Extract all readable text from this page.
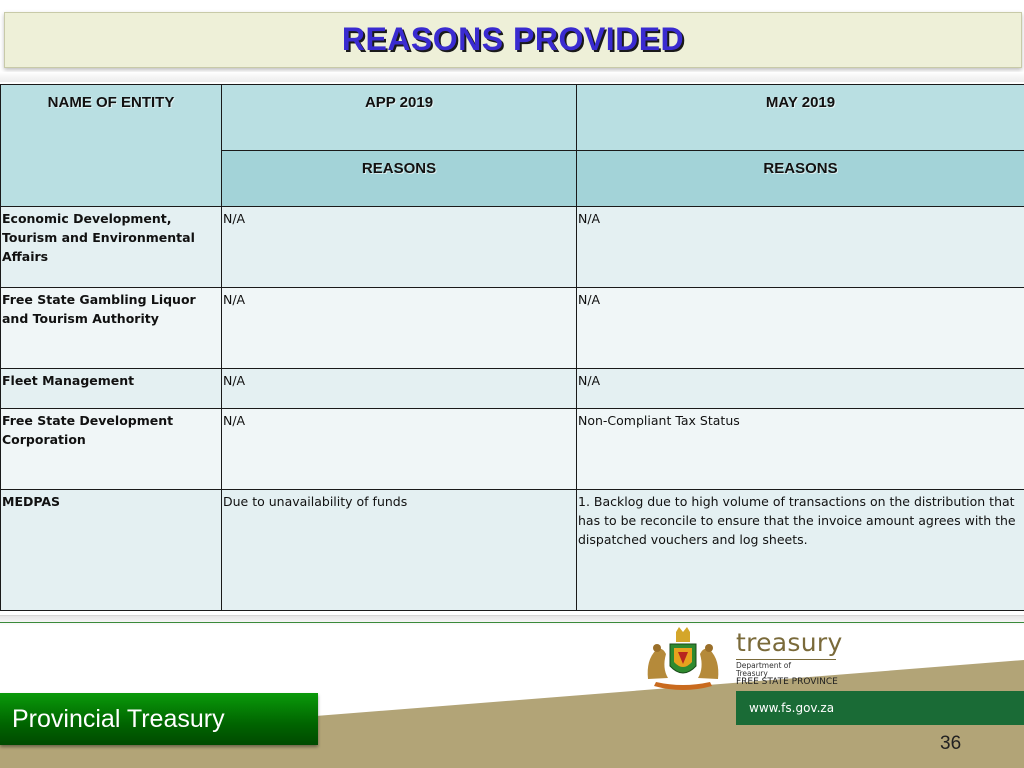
REASONS PROVIDED
NAME OF ENTITY	APP 2019	MAY 2019
	REASONS	REASONS
Economic Development, Tourism and Environmental Affairs	N/A	N/A
Free State Gambling Liquor and Tourism Authority	N/A	N/A
Fleet Management	N/A	N/A
Free State Development Corporation	N/A	Non-Compliant Tax Status
MEDPAS	Due to unavailability of funds	1. Backlog due to high volume of transactions on the distribution that has to be reconcile to ensure that the invoice amount agrees with the dispatched vouchers and log sheets.
Provincial Treasury
treasury
Department of
Treasury
FREE STATE PROVINCE
www.fs.gov.za
36
